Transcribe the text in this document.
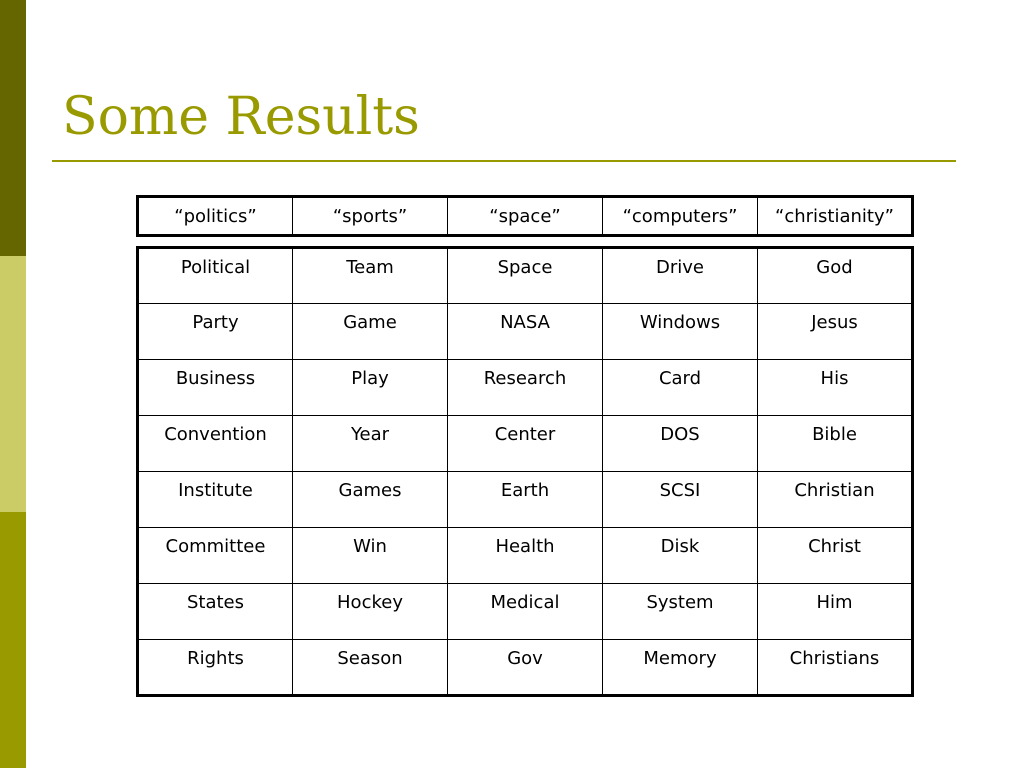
Some Results
“politics”	“sports”	“space”	“computers”	“christianity”
Political	Team	Space	Drive	God
Party	Game	NASA	Windows	Jesus
Business	Play	Research	Card	His
Convention	Year	Center	DOS	Bible
Institute	Games	Earth	SCSI	Christian
Committee	Win	Health	Disk	Christ
States	Hockey	Medical	System	Him
Rights	Season	Gov	Memory	Christians
